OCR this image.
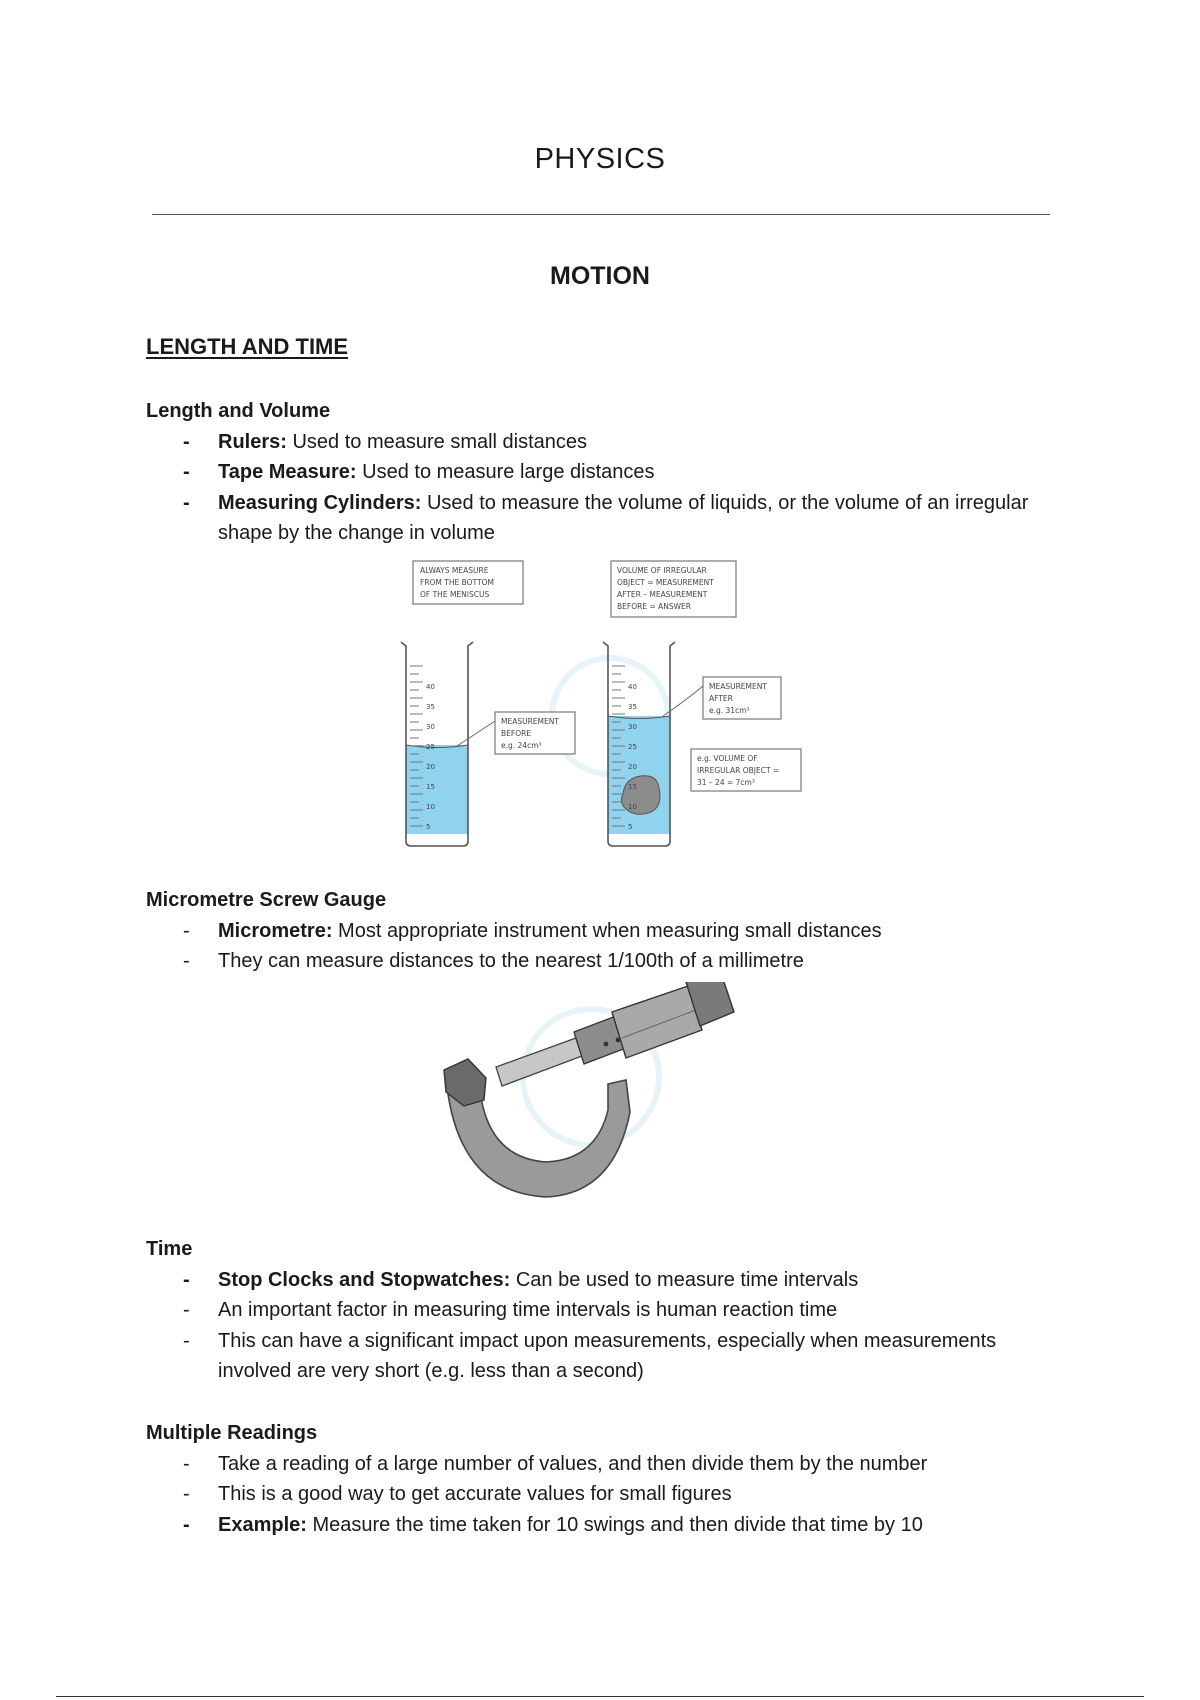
PHYSICS
MOTION
LENGTH AND TIME
Length and Volume
- Rulers: Used to measure small distances
- Tape Measure: Used to measure large distances
- Measuring Cylinders: Used to measure the volume of liquids, or the volume of an irregular shape by the change in volume
ALWAYS MEASURE
FROM THE BOTTOM
OF THE MENISCUS
VOLUME OF IRREGULAR
OBJECT = MEASUREMENT
AFTER – MEASUREMENT
BEFORE = ANSWER
40
35
30
25
20
15
10
5
MEASUREMENT
BEFORE
e.g. 24cm³
40
35
30
25
20
15
10
5
MEASUREMENT
AFTER
e.g. 31cm³
e.g. VOLUME OF
IRREGULAR OBJECT =
31 – 24 = 7cm³
Micrometre Screw Gauge
- Micrometre: Most appropriate instrument when measuring small distances
- They can measure distances to the nearest 1/100th of a millimetre
Time
- Stop Clocks and Stopwatches: Can be used to measure time intervals
- An important factor in measuring time intervals is human reaction time
- This can have a significant impact upon measurements, especially when measurements involved are very short (e.g. less than a second)
Multiple Readings
- Take a reading of a large number of values, and then divide them by the number
- This is a good way to get accurate values for small figures
- Example: Measure the time taken for 10 swings and then divide that time by 10
